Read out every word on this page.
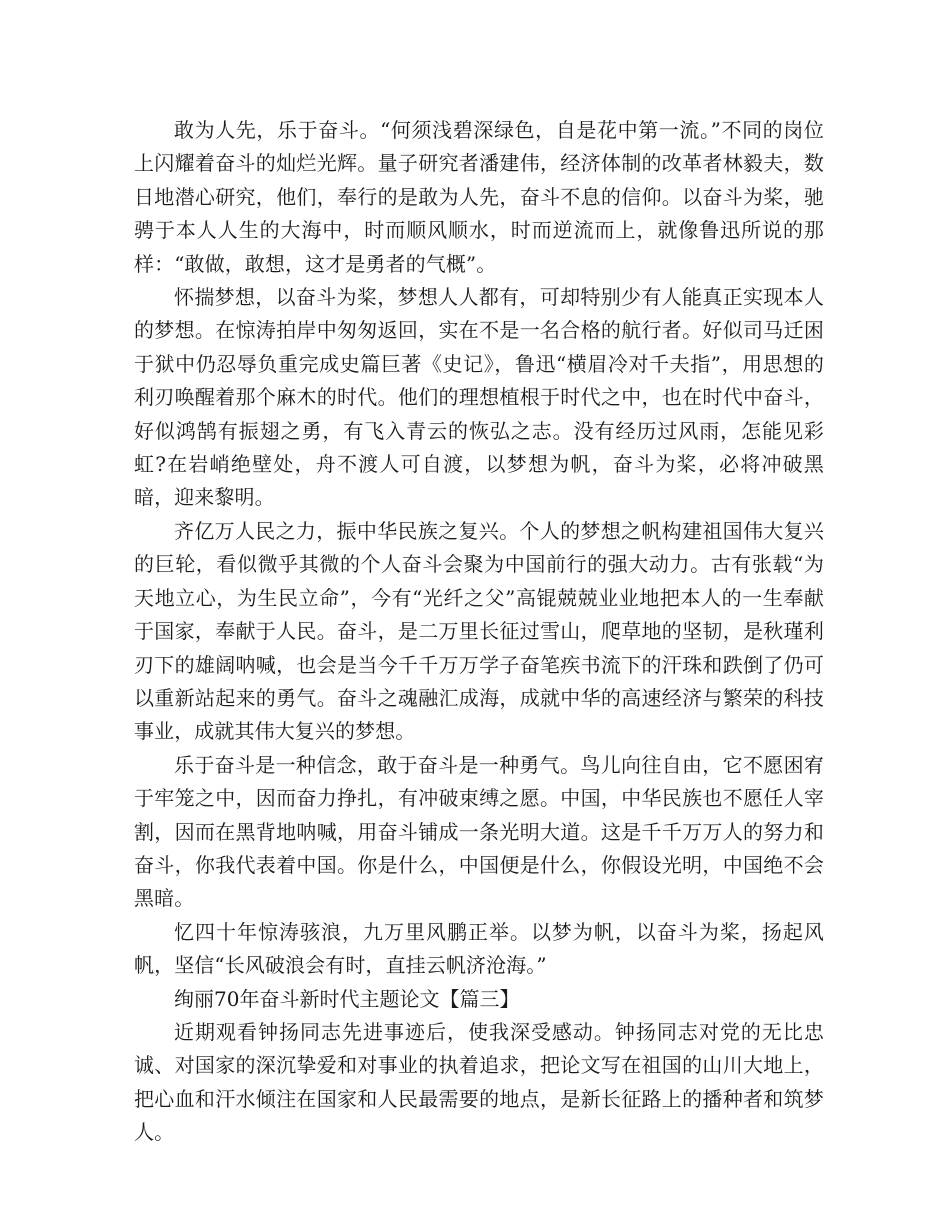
敢为人先，乐于奋斗。“何须浅碧深绿色，自是花中第一流。”不同的岗位上闪耀着奋斗的灿烂光辉。量子研究者潘建伟，经济体制的改革者林毅夫，数日地潜心研究，他们，奉行的是敢为人先，奋斗不息的信仰。以奋斗为桨，驰骋于本人人生的大海中，时而顺风顺水，时而逆流而上，就像鲁迅所说的那样：“敢做，敢想，这才是勇者的气概”。

怀揣梦想，以奋斗为桨，梦想人人都有，可却特别少有人能真正实现本人的梦想。在惊涛拍岸中匆匆返回，实在不是一名合格的航行者。好似司马迁困于狱中仍忍辱负重完成史篇巨著《史记》，鲁迅“横眉冷对千夫指”，用思想的利刃唤醒着那个麻木的时代。他们的理想植根于时代之中，也在时代中奋斗，好似鸿鹄有振翅之勇，有飞入青云的恢弘之志。没有经历过风雨，怎能见彩虹?在岩峭绝壁处，舟不渡人可自渡，以梦想为帆，奋斗为桨，必将冲破黑暗，迎来黎明。

齐亿万人民之力，振中华民族之复兴。个人的梦想之帆构建祖国伟大复兴的巨轮，看似微乎其微的个人奋斗会聚为中国前行的强大动力。古有张载“为天地立心，为生民立命”，今有“光纤之父”高锟兢兢业业地把本人的一生奉献于国家，奉献于人民。奋斗，是二万里长征过雪山，爬草地的坚韧，是秋瑾利刃下的雄阔呐喊，也会是当今千千万万学子奋笔疾书流下的汗珠和跌倒了仍可以重新站起来的勇气。奋斗之魂融汇成海，成就中华的高速经济与繁荣的科技事业，成就其伟大复兴的梦想。

乐于奋斗是一种信念，敢于奋斗是一种勇气。鸟儿向往自由，它不愿困宥于牢笼之中，因而奋力挣扎，有冲破束缚之愿。中国，中华民族也不愿任人宰割，因而在黑背地呐喊，用奋斗铺成一条光明大道。这是千千万万人的努力和奋斗，你我代表着中国。你是什么，中国便是什么，你假设光明，中国绝不会黑暗。

忆四十年惊涛骇浪，九万里风鹏正举。以梦为帆，以奋斗为桨，扬起风帆，坚信“长风破浪会有时，直挂云帆济沧海。”

绚丽70年奋斗新时代主题论文【篇三】

近期观看钟扬同志先进事迹后，使我深受感动。钟扬同志对党的无比忠诚、对国家的深沉挚爱和对事业的执着追求，把论文写在祖国的山川大地上，把心血和汗水倾注在国家和人民最需要的地点，是新长征路上的播种者和筑梦人。
